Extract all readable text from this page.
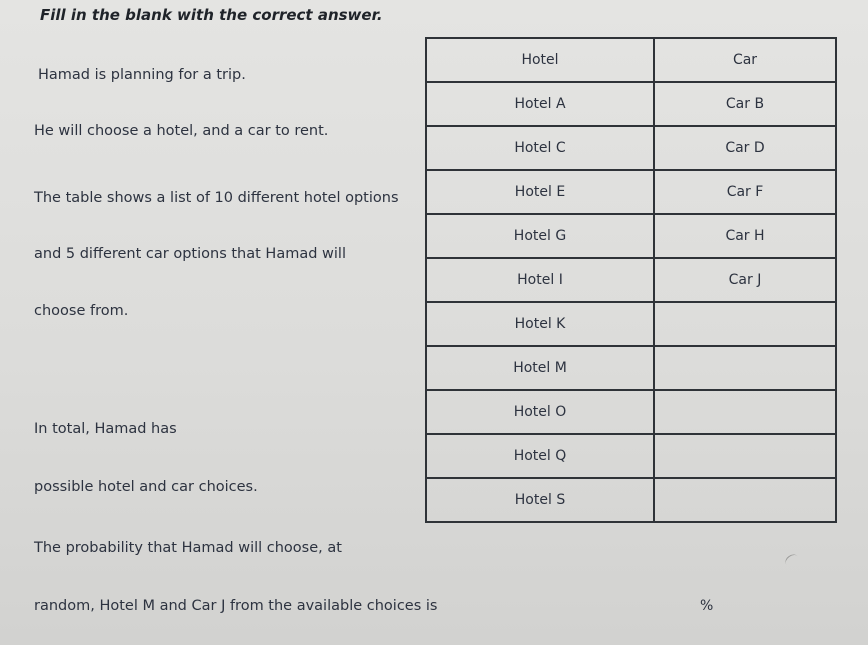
Fill in the blank with the correct answer.
Hamad is planning for a trip.
He will choose a hotel, and a car to rent.
The table shows a list of 10 different hotel options
and 5 different car options that Hamad will
choose from.
In total, Hamad has
possible hotel and car choices.
The probability that Hamad will choose, at
random, Hotel M and Car J from the available choices is	%
Hotel	Car
Hotel A	Car B
Hotel C	Car D
Hotel E	Car F
Hotel G	Car H
Hotel I	Car J
Hotel K	
Hotel M	
Hotel O	
Hotel Q	
Hotel S	
